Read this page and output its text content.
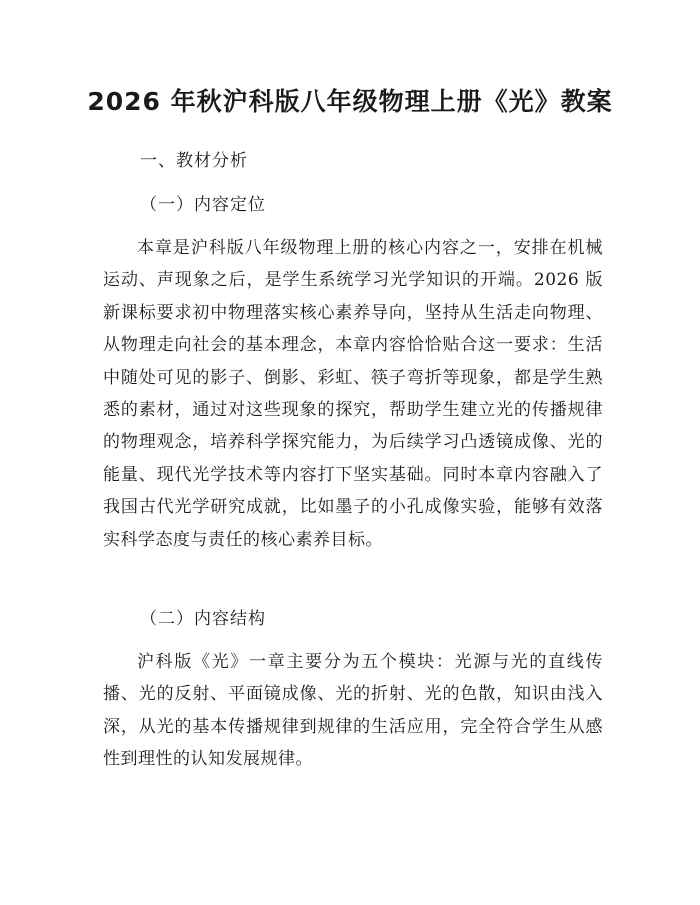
2026 年秋沪科版八年级物理上册《光》教案

一、教材分析

（一）内容定位

本章是沪科版八年级物理上册的核心内容之一，安排在机械运动、声现象之后，是学生系统学习光学知识的开端。2026 版新课标要求初中物理落实核心素养导向，坚持从生活走向物理、从物理走向社会的基本理念，本章内容恰恰贴合这一要求：生活中随处可见的影子、倒影、彩虹、筷子弯折等现象，都是学生熟悉的素材，通过对这些现象的探究，帮助学生建立光的传播规律的物理观念，培养科学探究能力，为后续学习凸透镜成像、光的能量、现代光学技术等内容打下坚实基础。同时本章内容融入了我国古代光学研究成就，比如墨子的小孔成像实验，能够有效落实科学态度与责任的核心素养目标。

（二）内容结构

沪科版《光》一章主要分为五个模块：光源与光的直线传播、光的反射、平面镜成像、光的折射、光的色散，知识由浅入深，从光的基本传播规律到规律的生活应用，完全符合学生从感性到理性的认知发展规律。
